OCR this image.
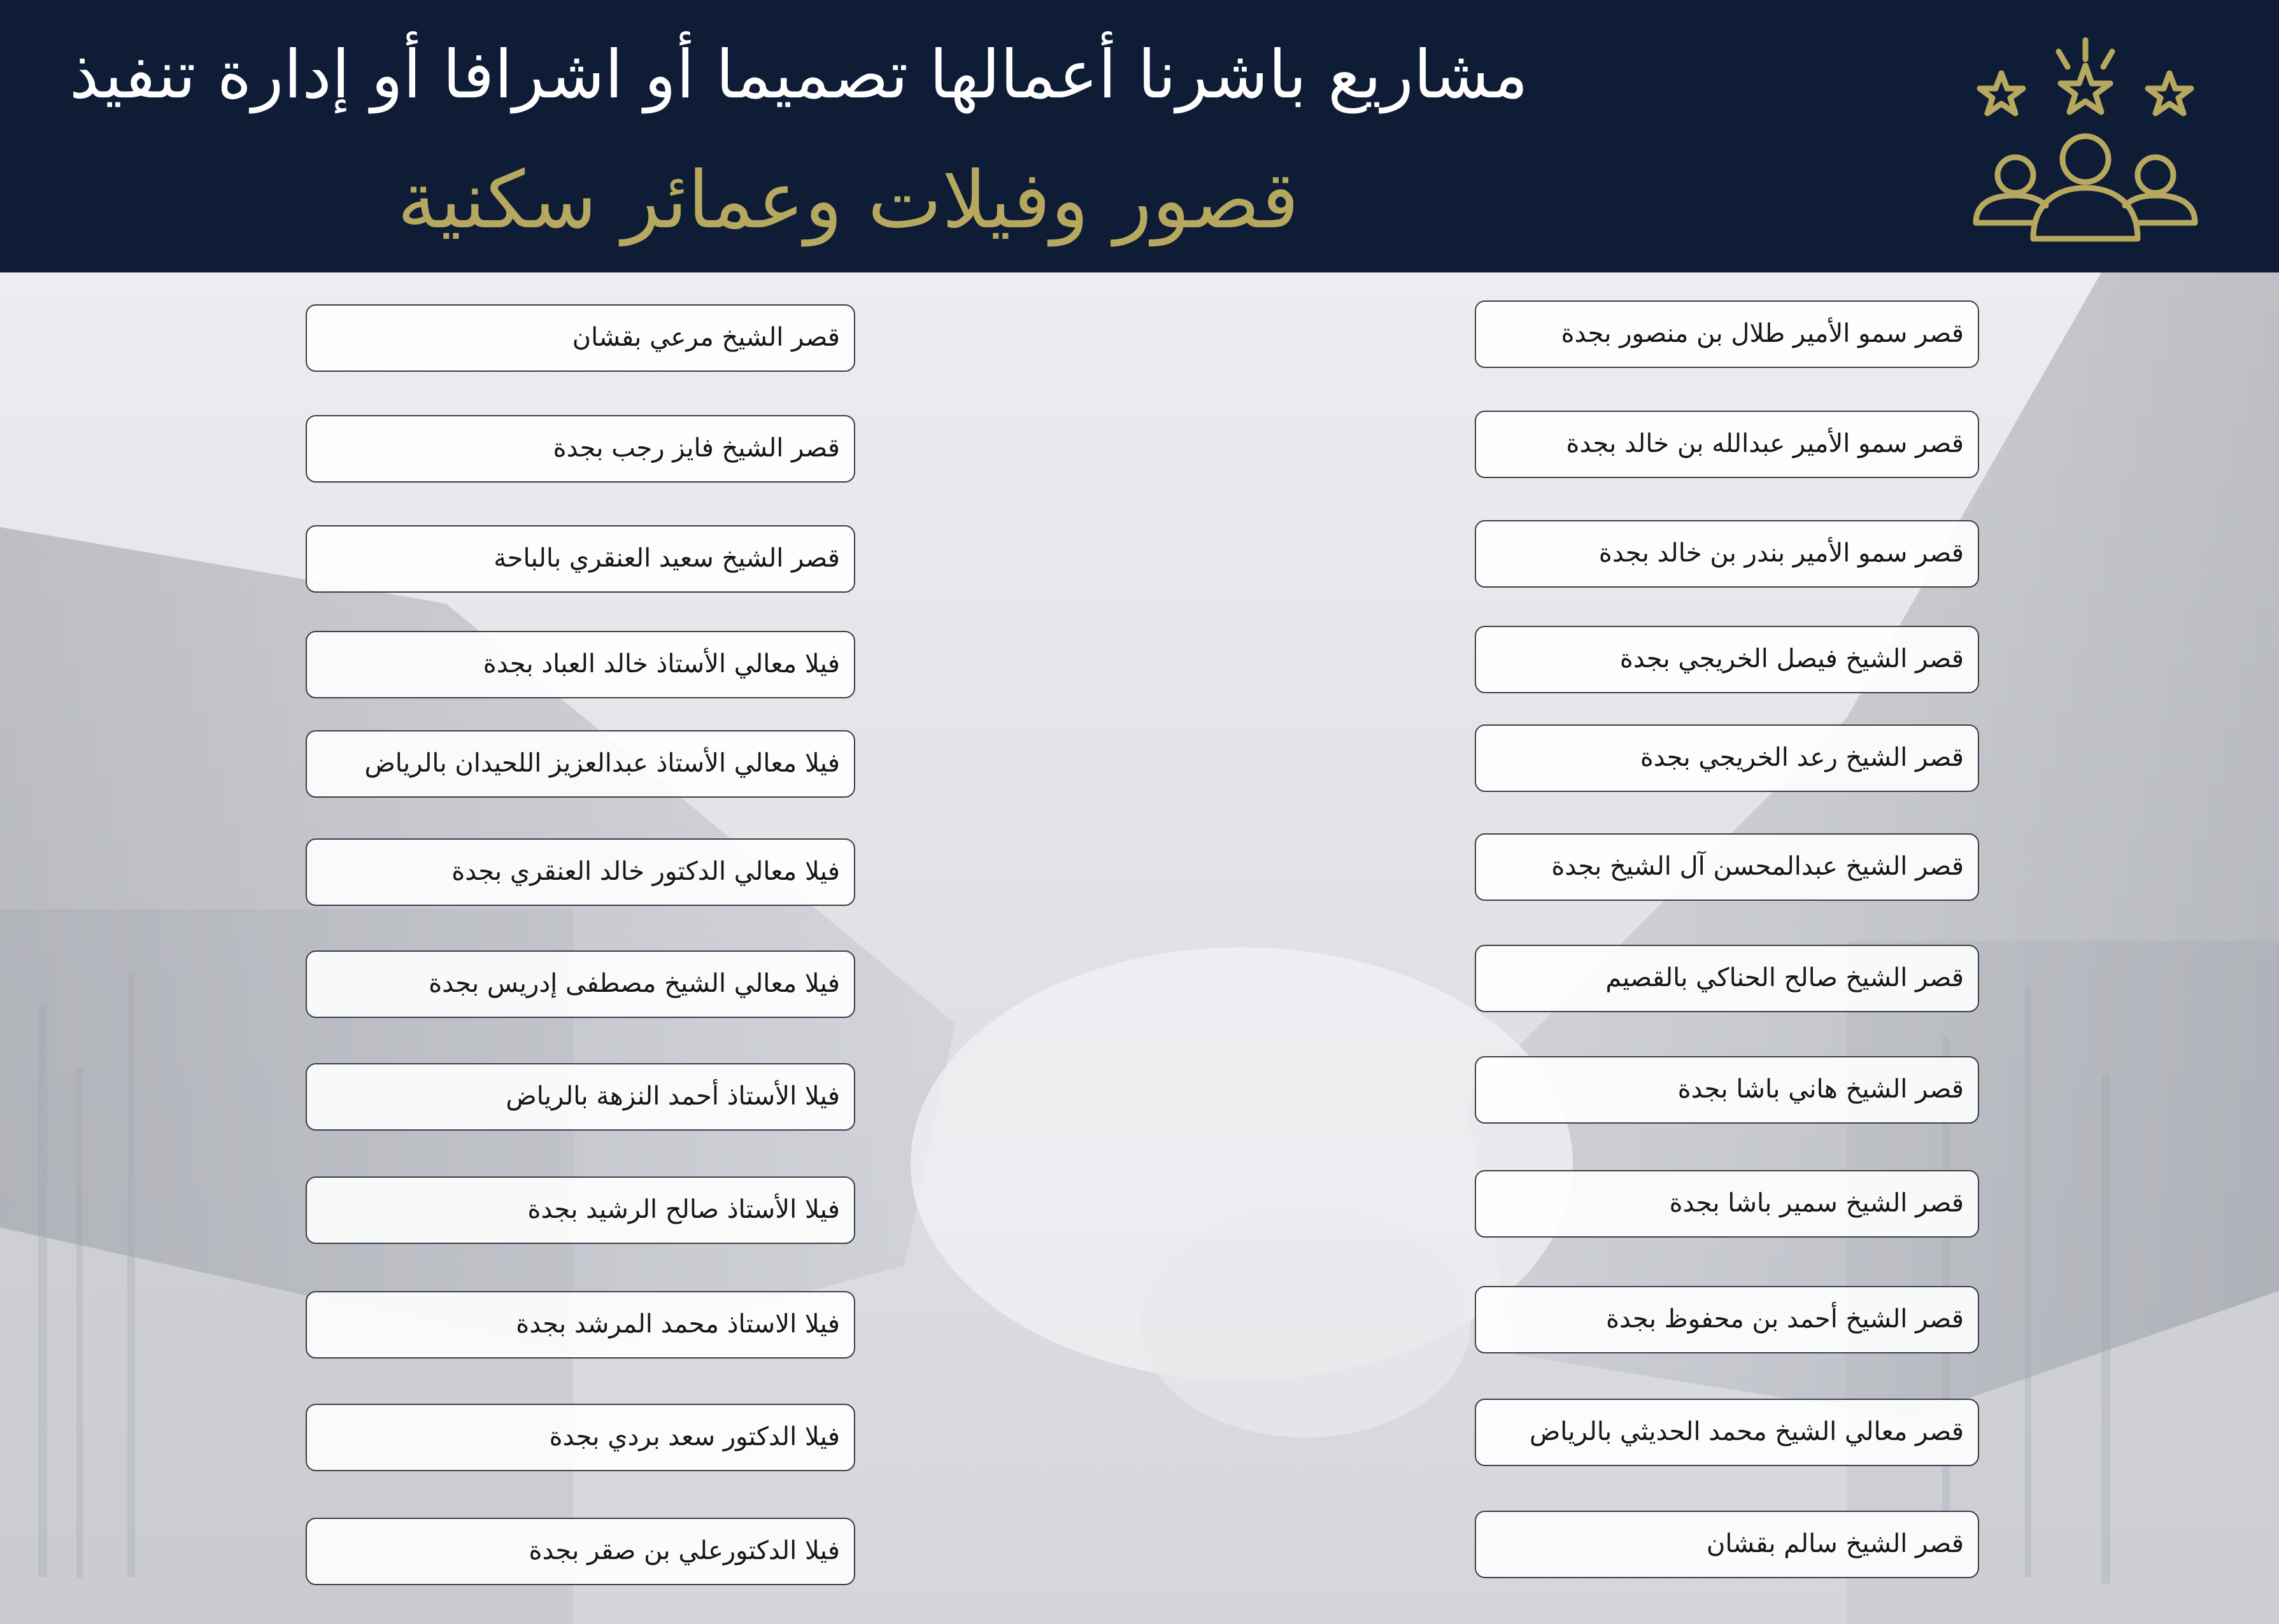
مشاريع باشرنا أعمالها تصميما أو اشرافا أو إدارة تنفيذ
قصور وفيلات وعمائر سكنية
قصر سمو الأمير طلال بن منصور بجدة
قصر سمو الأمير عبدالله بن خالد بجدة
قصر سمو الأمير بندر بن خالد بجدة
قصر الشيخ فيصل الخريجي بجدة
قصر الشيخ رعد الخريجي بجدة
قصر الشيخ عبدالمحسن آل الشيخ بجدة
قصر الشيخ صالح الحناكي بالقصيم
قصر الشيخ هاني باشا بجدة
قصر الشيخ سمير باشا بجدة
قصر الشيخ أحمد بن محفوظ بجدة
قصر معالي الشيخ محمد الحديثي بالرياض
قصر الشيخ سالم بقشان
قصر الشيخ مرعي بقشان
قصر الشيخ فايز رجب بجدة
قصر الشيخ سعيد العنقري بالباحة
فيلا معالي الأستاذ خالد العباد بجدة
فيلا معالي الأستاذ عبدالعزيز اللحيدان بالرياض
فيلا معالي الدكتور خالد العنقري بجدة
فيلا معالي الشيخ مصطفى إدريس بجدة
فيلا الأستاذ أحمد النزهة بالرياض
فيلا الأستاذ صالح الرشيد بجدة
فيلا الاستاذ محمد المرشد بجدة
فيلا الدكتور سعد بردي بجدة
فيلا الدكتورعلي بن صقر بجدة
